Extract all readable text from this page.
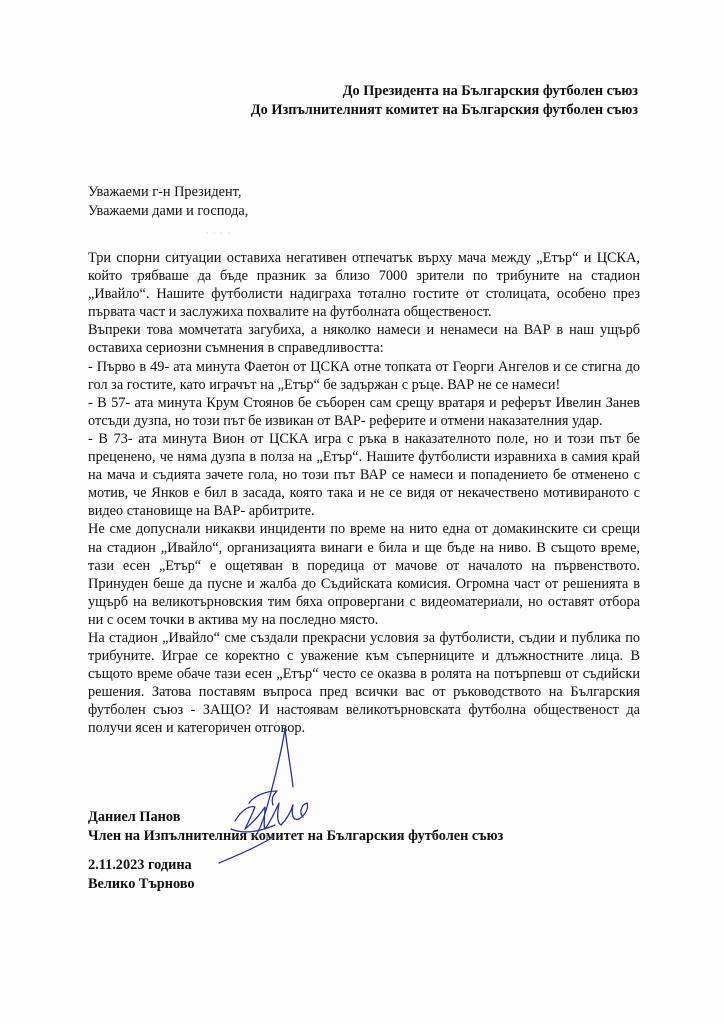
До Президента на Българския футболен съюз
До Изпълнителният комитет на Българския футболен съюз
Уважаеми г-н Президент,
Уважаеми дами и господа,

Три спорни ситуации оставиха негативен отпечатък върху мача между „Етър“ и ЦСКА, който трябваше да бъде празник за близо 7000 зрители по трибуните на стадион „Ивайло“. Нашите футболисти надиграха тотално гостите от столицата, особено през първата част и заслужиха похвалите на футболната общественост.

Въпреки това момчетата загубиха, а няколко намеси и ненамеси на ВАР в наш ущърб оставиха сериозни съмнения в справедливостта:

- Първо в 49- ата минута Фаетон от ЦСКА отне топката от Георги Ангелов и се стигна до гол за гостите, като играчът на „Етър“ бе задържан с ръце. ВАР не се намеси!

- В 57- ата минута Крум Стоянов бе съборен сам срещу вратаря и реферът Ивелин Занев отсъди дузпа, но този път бе извикан от ВАР- реферите и отмени наказателния удар.

- В 73- ата минута Вион от ЦСКА игра с ръка в наказателното поле, но и този път бе преценено, че няма дузпа в полза на „Етър“. Нашите футболисти изравниха в самия край на мача и съдията зачете гола, но този път ВАР се намеси и попадението бе отменено с мотив, че Янков е бил в засада, която така и не се видя от некачествено мотивираното с видео становище на ВАР- арбитрите.

Не сме допуснали никакви инциденти по време на нито една от домакинските си срещи на стадион „Ивайло“, организацията винаги е била и ще бъде на ниво. В същото време, тази есен „Етър“ е ощетяван в поредица от мачове от началото на първенството. Принуден беше да пусне и жалба до Съдийската комисия. Огромна част от решенията в ущърб на великотърновския тим бяха опровергани с видеоматериали, но оставят отбора ни с осем точки в актива му на последно място.

На стадион „Ивайло“ сме създали прекрасни условия за футболисти, съдии и публика по трибуните. Играе се коректно с уважение към съперниците и длъжностните лица. В същото време обаче тази есен „Етър“ често се оказва в ролята на потърпевш от съдийски решения. Затова поставям въпроса пред всички вас от ръководството на Българския футболен съюз - ЗАЩО? И настоявам великотърновската футболна общественост да получи ясен и категоричен отговор.

Даниел Панов
Член на Изпълнителния комитет на Българския футболен съюз
2.11.2023 година
Велико Търново
